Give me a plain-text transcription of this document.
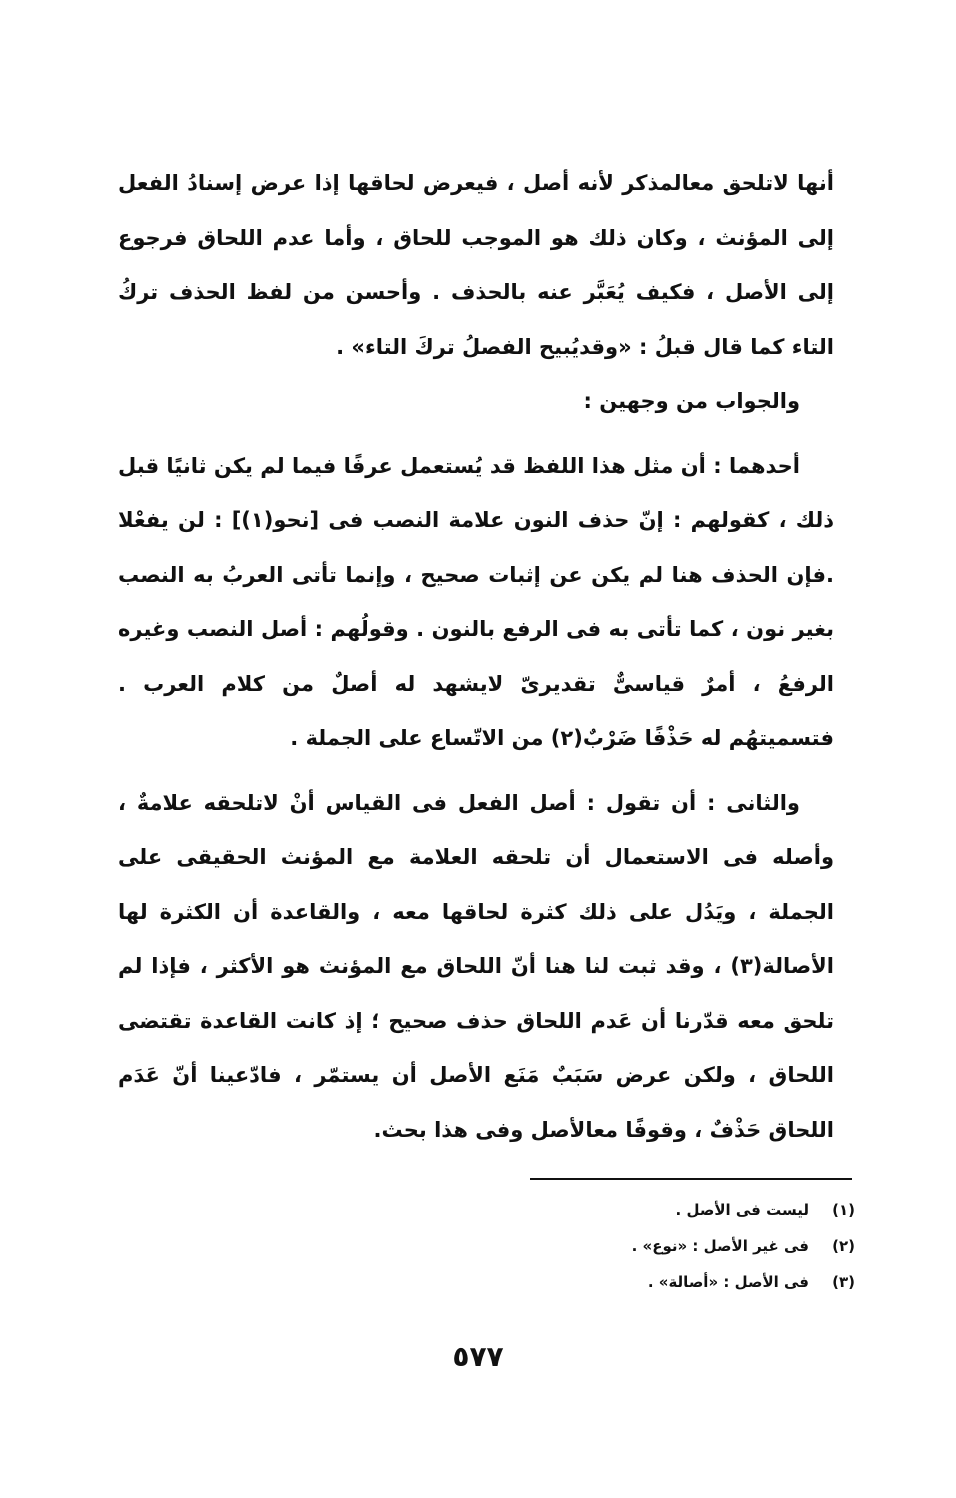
أنها لاتلحق معالمذكر لأنه أصل ، فيعرض لحاقها إذا عرض إسنادُ الفعل إلى المؤنث ، وكان ذلك هو الموجب للحاق ، وأما عدم اللحاق فرجوع إلى الأصل ، فكيف يُعَبَّر عنه بالحذف . وأحسن من لفظ الحذف تركُ التاء كما قال قبلُ : «وقديُبيح الفصلُ تركَ التاء» .

والجواب من وجهين :

أحدهما : أن مثل هذا اللفظ قد يُستعمل عرفًا فيما لم يكن ثانيًا قبل ذلك ، كقولهم : إنّ حذف النون علامة النصب فى [نحو(١)] : لن يفعْلا .فإن الحذف هنا لم يكن عن إثبات صحيح ، وإنما تأتى العربُ به النصب بغير نون ، كما تأتى به فى الرفع بالنون . وقولُهم : أصل النصب وغيره الرفعُ ، أمرٌ قياسىٌّ تقديرىّ لايشهد له أصلٌ من كلام العرب . فتسميتهُم له حَذْفًا ضَرْبٌ(٢) من الاتّساع على الجملة .

والثانى : أن تقول : أصل الفعل فى القياس أنْ لاتلحقه علامةٌ ، وأصله فى الاستعمال أن تلحقه العلامة مع المؤنث الحقيقى على الجملة ، ويَدُل على ذلك كثرة لحاقها معه ، والقاعدة أن الكثرة لها الأصالة(٣) ، وقد ثبت لنا هنا أنّ اللحاق مع المؤنث هو الأكثر ، فإذا لم تلحق معه قدّرنا أن عَدم اللحاق حذف صحيح ؛ إذ كانت القاعدة تقتضى اللحاق ، ولكن عرض سَبَبٌ مَنَع الأصل أن يستمّر ، فادّعينا أنّ عَدَم اللحاق حَذْفٌ ، وقوفًا معالأصل وفى هذا بحث.

(١)
ليست فى الأصل .
(٢)
فى غير الأصل : «نوع» .
(٣)
فى الأصل : «أصالة» .
٥٧٧
